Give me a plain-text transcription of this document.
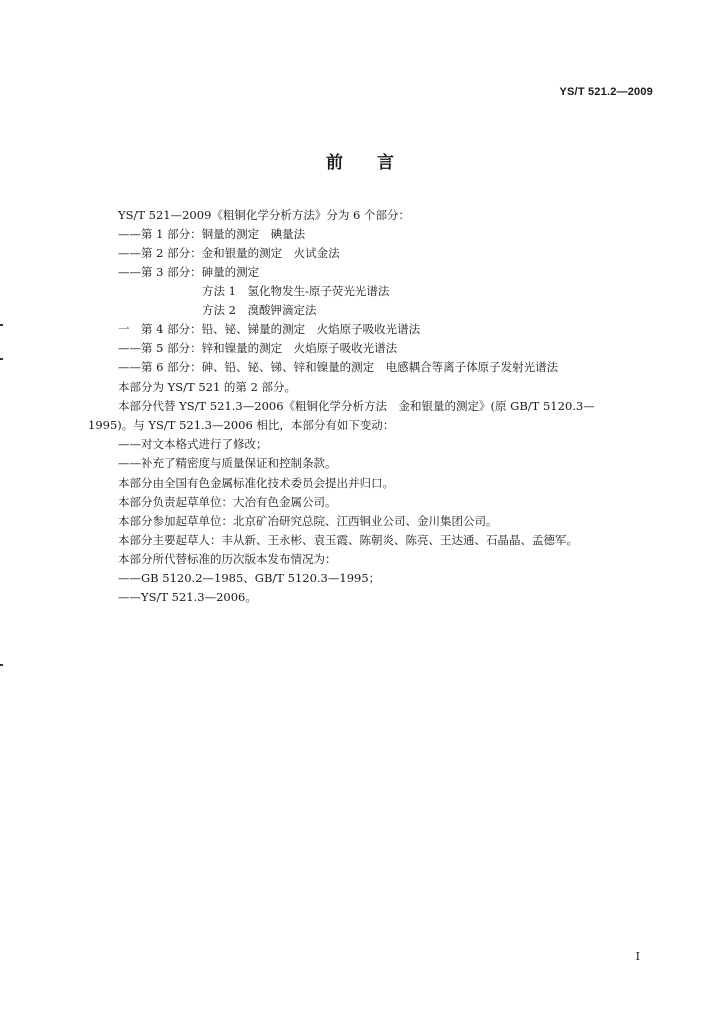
YS/T 521.2—2009
前言
YS/T 521—2009《粗铜化学分析方法》分为 6 个部分：
——第 1 部分：铜量的测定　碘量法
——第 2 部分：金和银量的测定　火试金法
——第 3 部分：砷量的测定
方法 1　氢化物发生-原子荧光光谱法
方法 2　溴酸钾滴定法
一　第 4 部分：铅、铋、锑量的测定　火焰原子吸收光谱法
——第 5 部分：锌和镍量的测定　火焰原子吸收光谱法
——第 6 部分：砷、铅、铋、锑、锌和镍量的测定　电感耦合等离子体原子发射光谱法
本部分为 YS/T 521 的第 2 部分。
本部分代替 YS/T 521.3—2006《粗铜化学分析方法　金和银量的测定》(原 GB/T 5120.3—
1995)。与 YS/T 521.3—2006 相比，本部分有如下变动：
——对文本格式进行了修改；
——补充了精密度与质量保证和控制条款。
本部分由全国有色金属标准化技术委员会提出并归口。
本部分负责起草单位：大冶有色金属公司。
本部分参加起草单位：北京矿冶研究总院、江西铜业公司、金川集团公司。
本部分主要起草人：丰从新、王永彬、袁玉霞、陈朝炎、陈亮、王达通、石晶晶、孟德军。
本部分所代替标准的历次版本发布情况为：
——GB 5120.2—1985、GB/T 5120.3—1995；
——YS/T 521.3—2006。
I
